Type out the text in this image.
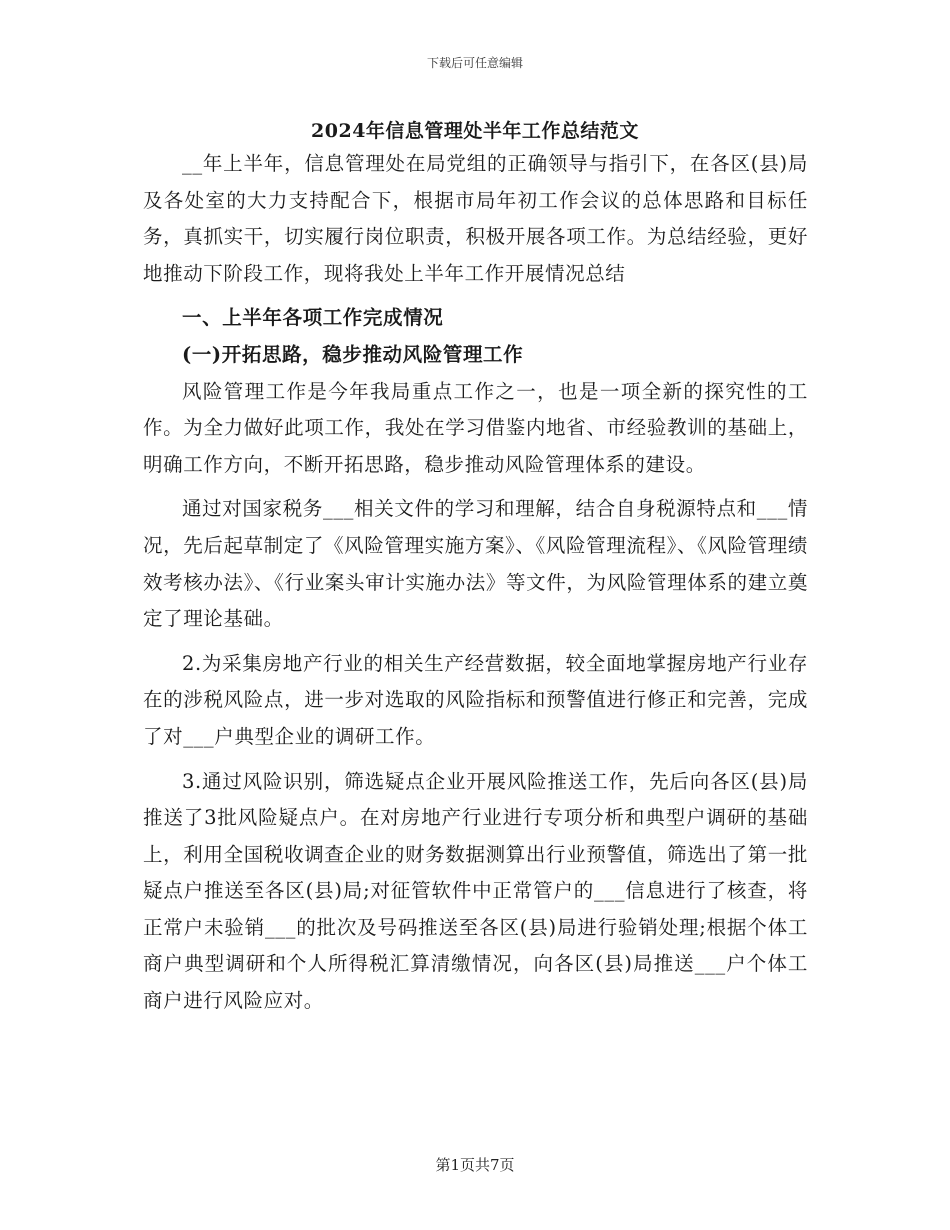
下载后可任意编辑
2024年信息管理处半年工作总结范文

__年上半年，信息管理处在局党组的正确领导与指引下，在各区(县)局及各处室的大力支持配合下，根据市局年初工作会议的总体思路和目标任务，真抓实干，切实履行岗位职责，积极开展各项工作。为总结经验，更好地推动下阶段工作，现将我处上半年工作开展情况总结

一、上半年各项工作完成情况

(一)开拓思路，稳步推动风险管理工作

风险管理工作是今年我局重点工作之一，也是一项全新的探究性的工作。为全力做好此项工作，我处在学习借鉴内地省、市经验教训的基础上，明确工作方向，不断开拓思路，稳步推动风险管理体系的建设。

通过对国家税务___相关文件的学习和理解，结合自身税源特点和___情况，先后起草制定了《风险管理实施方案》、《风险管理流程》、《风险管理绩效考核办法》、《行业案头审计实施办法》等文件，为风险管理体系的建立奠定了理论基础。

2.为采集房地产行业的相关生产经营数据，较全面地掌握房地产行业存在的涉税风险点，进一步对选取的风险指标和预警值进行修正和完善，完成了对___户典型企业的调研工作。

3.通过风险识别，筛选疑点企业开展风险推送工作，先后向各区(县)局推送了3批风险疑点户。在对房地产行业进行专项分析和典型户调研的基础上，利用全国税收调查企业的财务数据测算出行业预警值，筛选出了第一批疑点户推送至各区(县)局;对征管软件中正常管户的___信息进行了核查，将正常户未验销___的批次及号码推送至各区(县)局进行验销处理;根据个体工商户典型调研和个人所得税汇算清缴情况，向各区(县)局推送___户个体工商户进行风险应对。

第1页共7页
